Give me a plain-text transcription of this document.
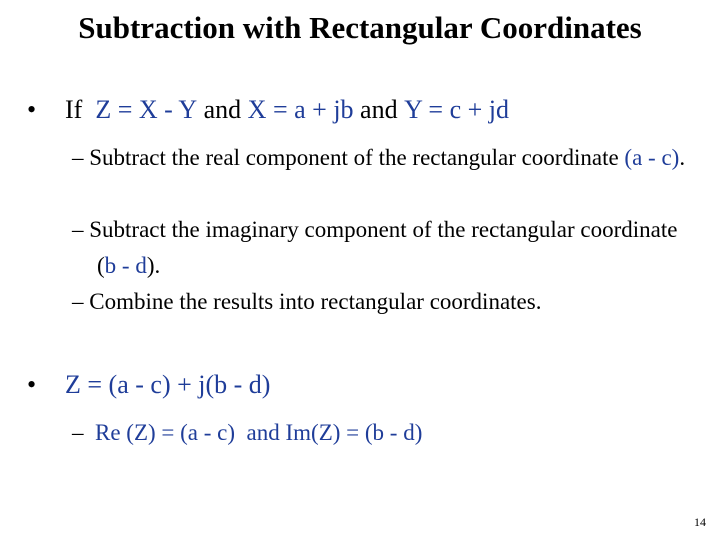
Subtraction with Rectangular Coordinates
• If Z = X - Y and X = a + jb and Y = c + jd
– Subtract the real component of the rectangular coordinate (a - c).
– Subtract the imaginary component of the rectangular coordinate (b - d).
– Combine the results into rectangular coordinates.
• Z = (a - c) + j(b - d)
– Re (Z) = (a - c)  and Im(Z) = (b - d)
14
